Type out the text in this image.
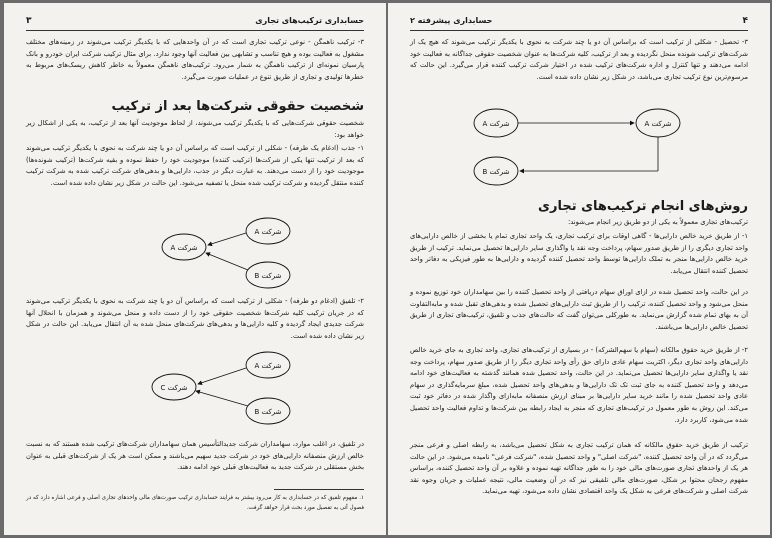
۳	حسابداری ترکیب‌های تجاری

۳- ترکیب ناهمگن - نوعی ترکیب تجاری است که در آن واحدهایی که با یکدیگر ترکیب می‌شوند در زمینه‌های مختلف مشغول به فعالیت بوده و هیچ تناسب و تشابهی بین فعالیت آنها وجود ندارد. برای مثال ترکیب شرکت ایران خودرو و بانک پارسیان نمونه‌ای از ترکیب ناهمگن به شمار می‌رود. ترکیب‌های ناهمگن معمولاً به خاطر کاهش ریسک‌های مربوط به خطرها تولیدی و تجاری از طریق تنوع در عملیات صورت می‌گیرد.

شخصیت حقوقی شرکت‌ها بعد از ترکیب

شخصیت حقوقی شرکت‌هایی که با یکدیگر ترکیب می‌شوند، از لحاظ موجودیت آنها بعد از ترکیب، به یکی از اشکال زیر خواهد بود:

۱- جذب (ادغام یک طرفه) - شکلی از ترکیب است که براساس آن دو یا چند شرکت به نحوی با یکدیگر ترکیب می‌شوند که بعد از ترکیب تنها یکی از شرکت‌ها (ترکیب کننده) موجودیت خود را حفظ نموده و بقیه شرکت‌ها (ترکیب شونده‌ها) موجودیت خود را از دست می‌دهند. به عبارت دیگر در جذب، دارایی‌ها و بدهی‌های شرکت ترکیب شده به شرکت ترکیب کننده منتقل گردیده و شرکت ترکیب شده منحل یا تصفیه می‌شود. این حالت در شکل زیر نشان داده شده است.

شرکت A
شرکت B
شرکت A

۲- تلفیق (ادغام دو طرفه) - شکلی از ترکیب است که براساس آن دو یا چند شرکت به نحوی با یکدیگر ترکیب می‌شوند که در جریان ترکیب کلیه شرکت‌ها شخصیت حقوقی خود را از دست داده و منحل می‌شوند و همزمان با انحلال آنها شرکت جدیدی ایجاد گردیده و کلیه دارایی‌ها و بدهی‌های شرکت‌های منحل شده به آن انتقال می‌یابد. این حالت در شکل زیر نشان داده شده است.

شرکت A
شرکت B
شرکت C

در تلفیق، در اغلب موارد، سهامداران شرکت جدیدالتأسیس همان سهامداران شرکت‌های ترکیب شده هستند که به نسبت خالص ارزش منصفانه دارایی‌های خود در شرکت جدید سهیم می‌باشند و ممکن است هر یک از شرکت‌های قبلی به عنوان بخش مستقلی در شرکت جدید به فعالیت‌های قبلی خود ادامه دهند.

۱. مفهوم تلفیق که در حسابداری به کار می‌رود بیشتر به فرایند حسابداری ترکیب صورت‌های مالی واحدهای تجاری اصلی و فرعی اشاره دارد که در فصول آتی به تفصیل مورد بحث قرار خواهد گرفت.

۴
حسابداری پیشرفته ۲

۳- تحصیل - شکلی از ترکیب است که براساس آن دو یا چند شرکت به نحوی با یکدیگر ترکیب می‌شوند که هیچ یک از شرکت‌های ترکیب شونده منحل نگردیده و بعد از ترکیب، کلیه شرکت‌ها به عنوان شخصیت حقوقی جداگانه به فعالیت خود ادامه می‌دهند و تنها کنترل و اداره شرکت‌های ترکیب شده در اختیار شرکت ترکیب کننده قرار می‌گیرد. این حالت که مرسوم‌ترین نوع ترکیب تجاری می‌باشد، در شکل زیر نشان داده شده است.

شرکت A
شرکت A
شرکت B
روش‌های انجام ترکیب‌های تجاری

ترکیب‌های تجاری معمولاً به یکی از دو طریق زیر انجام می‌شوند:

۱- از طریق خرید خالص دارایی‌ها - گاهی اوقات برای ترکیب تجاری، یک واحد تجاری تمام یا بخشی از خالص دارایی‌های واحد تجاری دیگری را از طریق صدور سهام، پرداخت وجه نقد یا واگذاری سایر دارایی‌ها تحصیل می‌نماید. ترکیب از طریق خرید خالص دارایی‌ها منجر به تملک دارایی‌ها توسط واحد تحصیل کننده گردیده و دارایی‌ها به طور فیزیکی به دفاتر واحد تحصیل کننده انتقال می‌یابد.

در این حالت، واحد تحصیل شده در ازای اوراق سهام دریافتی از واحد تحصیل کننده را بین سهامداران خود توزیع نموده و منحل می‌شود و واحد تحصیل کننده، ترکیب را از طریق ثبت دارایی‌های تحصیل شده و بدهی‌های تقبل شده و مابه‌التفاوت آن به بهای تمام شده گزارش می‌نماید. به طورکلی می‌توان گفت که حالت‌های جذب و تلفیق، ترکیب‌های تجاری از طریق تحصیل خالص دارایی‌ها می‌باشند.

۲- از طریق خرید حقوق مالکانه (سهام یا سهم‌الشرکه) - در بسیاری از ترکیب‌های تجاری، واحد تجاری به جای خرید خالص دارایی‌های واحد تجاری دیگر، اکثریت سهام عادی دارای حق رأی واحد تجاری دیگر را از طریق صدور سهام، پرداخت وجه نقد یا واگذاری سایر دارایی‌ها تحصیل می‌نماید. در این حالت، واحد تحصیل شده همانند گذشته به فعالیت‌های خود ادامه می‌دهد و واحد تحصیل کننده به جای ثبت تک تک دارایی‌ها و بدهی‌های واحد تحصیل شده، مبلغ سرمایه‌گذاری در سهام عادی واحد تحصیل شده را مانند خرید سایر دارایی‌ها بر مبنای ارزش منصفانه مابه‌ازای واگذار شده در دفاتر خود ثبت می‌کند. این روش به طور معمول در ترکیب‌های تجاری که منجر به ایجاد رابطه بین شرکت‌ها و تداوم فعالیت واحد تحصیل شده می‌شود، کاربرد دارد.

ترکیب از طریق خرید حقوق مالکانه که همان ترکیب تجاری به شکل تحصیل می‌باشد، به رابطه اصلی و فرعی منجر می‌گردد که در آن واحد تحصیل کننده، "شرکت اصلی" و واحد تحصیل شده، "شرکت فرعی" نامیده می‌شود. در این حالت هر یک از واحدهای تجاری صورت‌های مالی خود را به طور جداگانه تهیه نموده و علاوه بر آن واحد تحصیل کننده، براساس مفهوم رجحان محتوا بر شکل، صورت‌های مالی تلفیقی نیز که در آن وضعیت مالی، نتیجه عملیات و جریان وجوه نقد شرکت اصلی و شرکت‌های فرعی به شکل یک واحد اقتصادی نشان داده می‌شود، تهیه می‌نماید.
